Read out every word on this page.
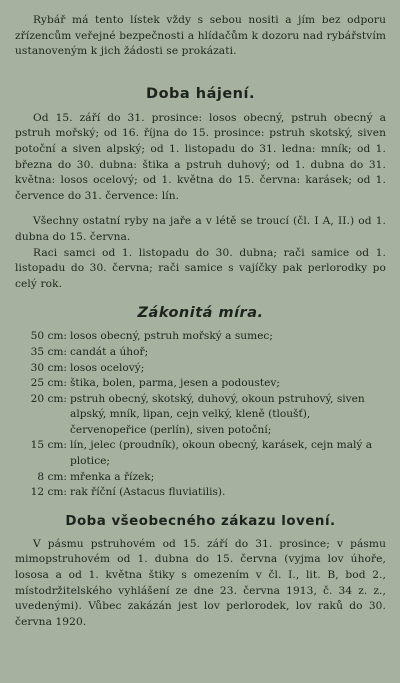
Rybář má tento lístek vždy s sebou nositi a jím bez odporu zřízencům veřejné bezpečnosti a hlídačům k dozoru nad rybářstvím ustanoveným k jich žádosti se prokázati.

Doba hájení.

Od 15. září do 31. prosince: losos obecný, pstruh obecný a pstruh mořský; od 16. října do 15. prosince: pstruh skotský, siven potoční a siven alpský; od 1. listopadu do 31. ledna: mník; od 1. března do 30. dubna: štika a pstruh duhový; od 1. dubna do 31. května: losos ocelový; od 1. května do 15. června: karásek; od 1. července do 31. července: lín.

Všechny ostatní ryby na jaře a v létě se troucí (čl. I A, II.) od 1. dubna do 15. června.

Raci samci od 1. listopadu do 30. dubna; rači samice od 1. listopadu do 30. června; rači samice s vajíčky pak perlorodky po celý rok.

Zákonitá míra.
50 cm: losos obecný, pstruh mořský a sumec;
35 cm: candát a úhoř;
30 cm: losos ocelový;
25 cm: štika, bolen, parma, jesen a podoustev;
20 cm: pstruh obecný, skotský, duhový, okoun pstruhový, siven alpský, mník, lipan, cejn velký, kleně (tloušť), červenopeřice (perlín), siven potoční;
15 cm: lín, jelec (proudník), okoun obecný, karásek, cejn malý a plotice;
8 cm: mřenka a řízek;
12 cm: rak říční (Astacus fluviatilis).
Doba všeobecného zákazu lovení.

V pásmu pstruhovém od 15. září do 31. prosince; v pásmu mimopstruhovém od 1. dubna do 15. června (vyjma lov úhoře, lososa a od 1. května štiky s omezením v čl. I., lit. B, bod 2., místodržitelského vyhlášení ze dne 23. června 1913, č. 34 z. z., uvedenými). Vůbec zakázán jest lov perlorodek, lov raků do 30. června 1920.
